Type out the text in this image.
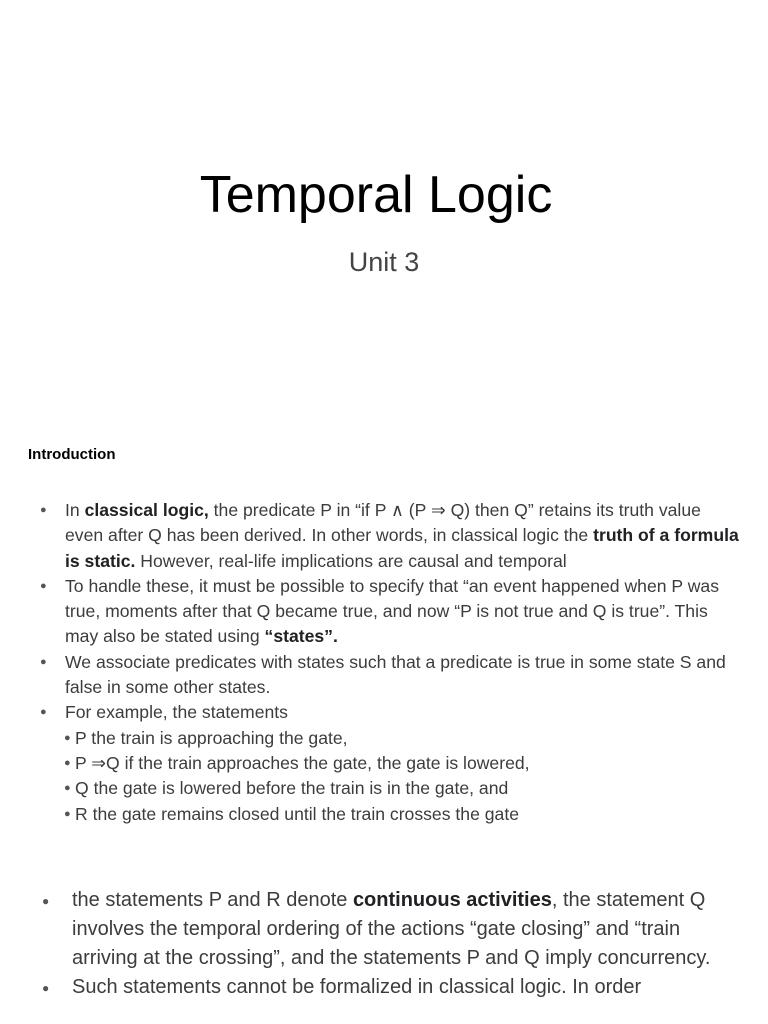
Temporal Logic
Unit 3
Introduction
● In classical logic, the predicate P in “if P ∧ (P ⇒ Q) then Q” retains its truth value even after Q has been derived. In other words, in classical logic the truth of a formula is static. However, real-life implications are causal and temporal
● To handle these, it must be possible to specify that “an event happened when P was true, moments after that Q became true, and now “P is not true and Q is true”. This may also be stated using “states”.
● We associate predicates with states such that a predicate is true in some state S and false in some other states.
● For example, the statements
● P the train is approaching the gate,
● P ⇒Q if the train approaches the gate, the gate is lowered,
● Q the gate is lowered before the train is in the gate, and
● R the gate remains closed until the train crosses the gate
● the statements P and R denote continuous activities, the statement Q involves the temporal ordering of the actions “gate closing” and “train arriving at the crossing”, and the statements P and Q imply concurrency.
● Such statements cannot be formalized in classical logic. In order
